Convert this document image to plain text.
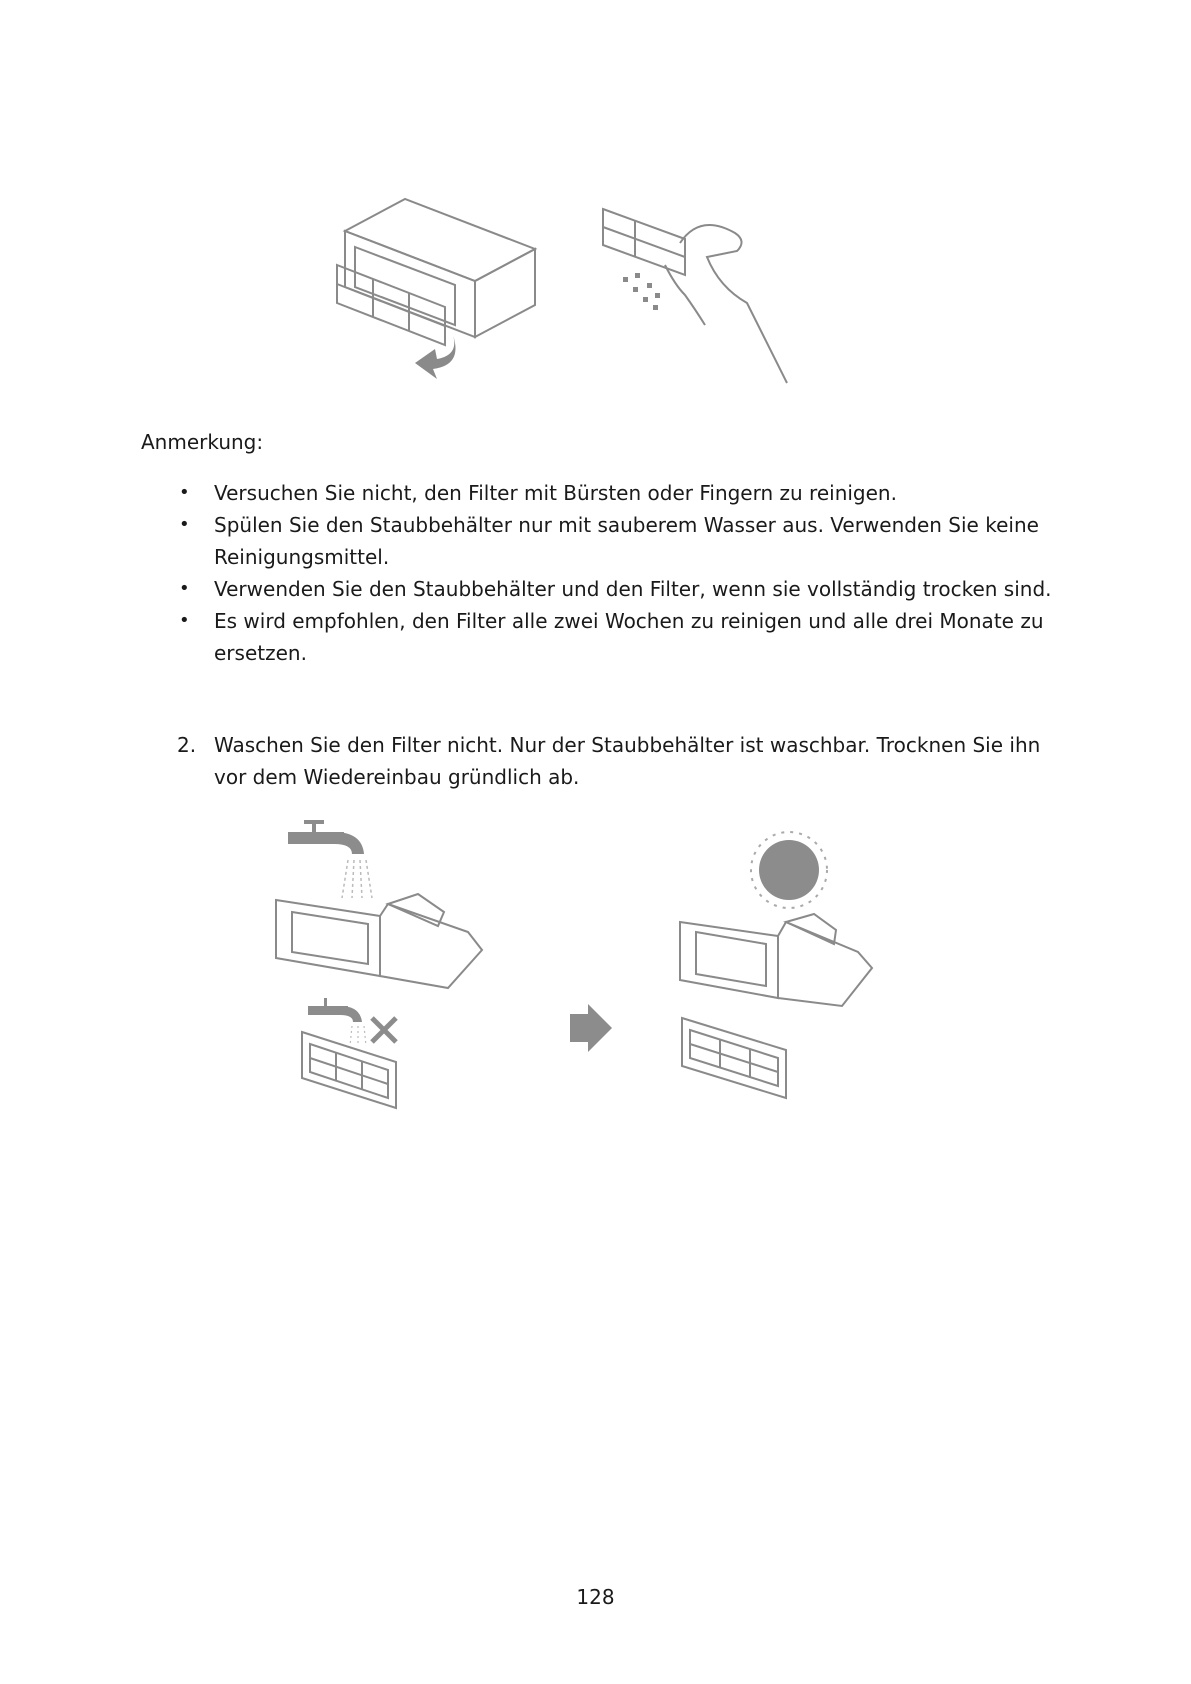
Anmerkung:
• Versuchen Sie nicht, den Filter mit Bürsten oder Fingern zu reinigen.
• Spülen Sie den Staubbehälter nur mit sauberem Wasser aus. Verwenden Sie keine Reinigungsmittel.
• Verwenden Sie den Staubbehälter und den Filter, wenn sie vollständig trocken sind.
• Es wird empfohlen, den Filter alle zwei Wochen zu reinigen und alle drei Monate zu ersetzen.
2. Waschen Sie den Filter nicht. Nur der Staubbehälter ist waschbar. Trocknen Sie ihn vor dem Wiedereinbau gründlich ab.
128
